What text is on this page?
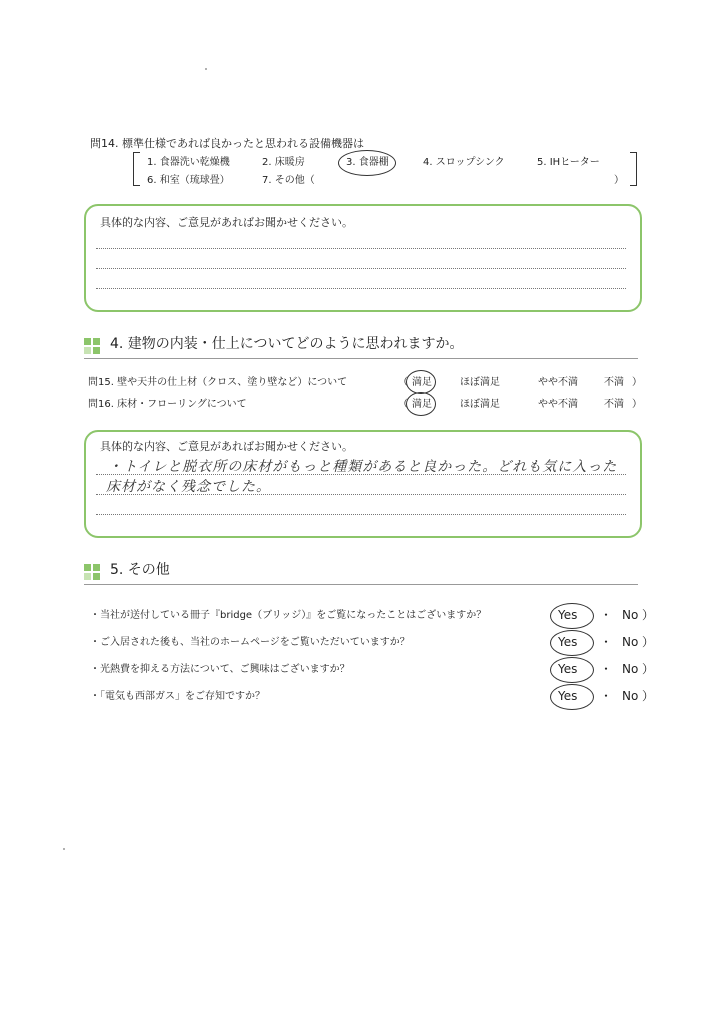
問14. 標準仕様であれば良かったと思われる設備機器は
1. 食器洗い乾燥機	2. 床暖房	3. 食器棚	4. スロップシンク	5. IHヒーター
6. 和室（琉球畳）	7. その他（	）
具体的な内容、ご意見があればお聞かせください。
4. 建物の内装・仕上についてどのように思われますか。
問15. 壁や天井の仕上材（クロス、塗り壁など）について	（ 満足	ほぼ満足	やや不満	不満 ）
問16. 床材・フローリングについて	（ 満足	ほぼ満足	やや不満	不満 ）
具体的な内容、ご意見があればお聞かせください。
・トイレと脱衣所の床材がもっと種類があると良かった。どれも気に入った
床材がなく残念でした。
5. その他
・当社が送付している冊子『bridge（ブリッジ）』をご覧になったことはございますか？	Yes ・ No ）
・ご入居された後も、当社のホームページをご覧いただいていますか？	Yes ・ No ）
・光熱費を抑える方法について、ご興味はございますか？	Yes ・ No ）
・「電気も西部ガス」をご存知ですか？	Yes ・ No ）
